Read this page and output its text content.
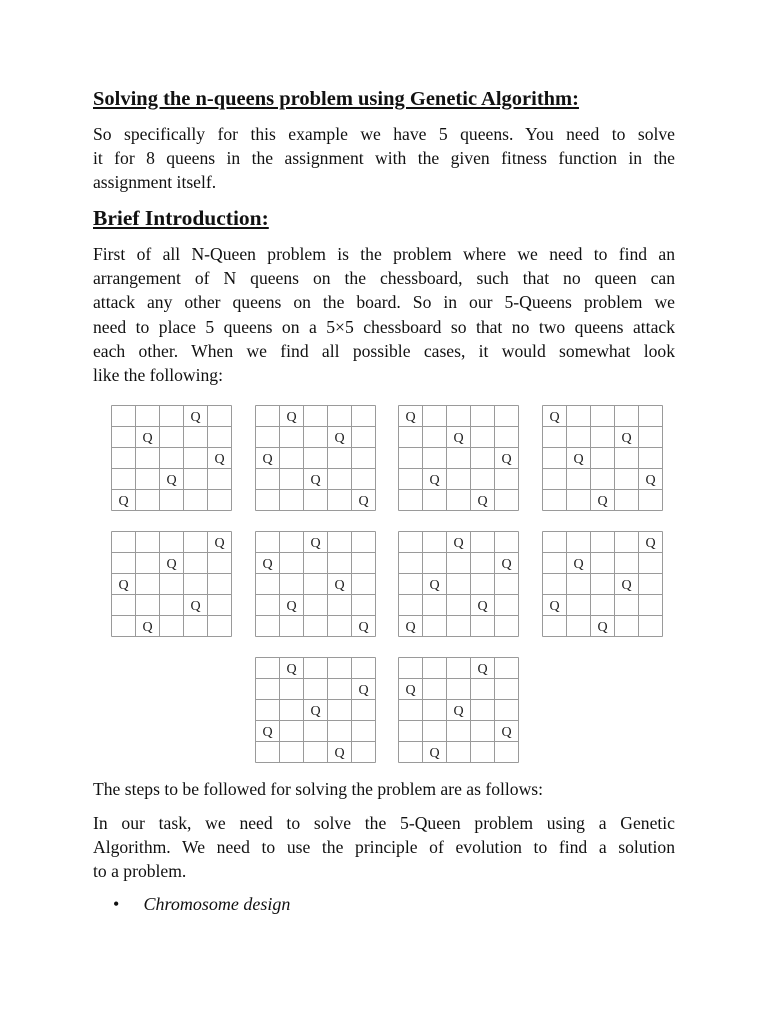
Solving the n-queens problem using Genetic Algorithm:
So specifically for this example we have 5 queens. You need to solve
it for 8 queens in the assignment with the given fitness function in the
assignment itself.
Brief Introduction:
First of all N-Queen problem is the problem where we need to find an
arrangement of N queens on the chessboard, such that no queen can
attack any other queens on the board. So in our 5-Queens problem we
need to place 5 queens on a 5×5 chessboard so that no two queens attack
each other. When we find all possible cases, it would somewhat look
like the following:
Q
Q
Q
Q
Q
Q
Q
Q
Q
Q
Q
Q
Q
Q
Q
Q
Q
Q
Q
Q
Q
Q
Q
Q
Q
Q
Q
Q
Q
Q
Q
Q
Q
Q
Q
Q
Q
Q
Q
Q
Q
Q
Q
Q
Q
Q
Q
Q
Q
Q
The steps to be followed for solving the problem are as follows:
In our task, we need to solve the 5-Queen problem using a Genetic
Algorithm. We need to use the principle of evolution to find a solution
to a problem.
• Chromosome design
